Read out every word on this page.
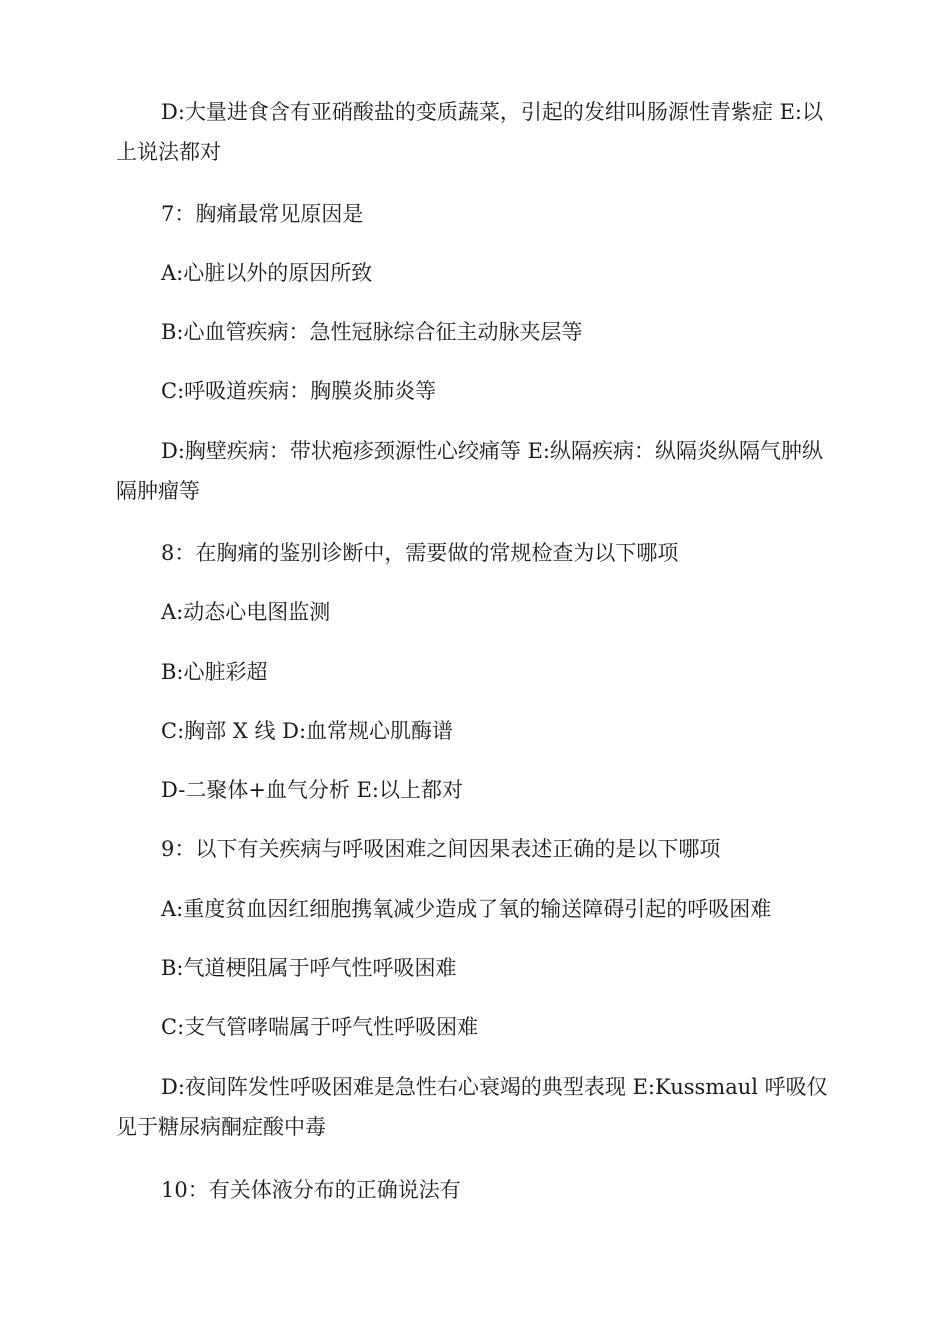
D:大量进食含有亚硝酸盐的变质蔬菜，引起的发绀叫肠源性青紫症 E:以上说法都对

7：胸痛最常见原因是

A:心脏以外的原因所致

B:心血管疾病：急性冠脉综合征主动脉夹层等

C:呼吸道疾病：胸膜炎肺炎等

D:胸壁疾病：带状疱疹颈源性心绞痛等 E:纵隔疾病：纵隔炎纵隔气肿纵隔肿瘤等

8：在胸痛的鉴别诊断中，需要做的常规检查为以下哪项

A:动态心电图监测

B:心脏彩超

C:胸部 X 线 D:血常规心肌酶谱

D-二聚体+血气分析 E:以上都对

9：以下有关疾病与呼吸困难之间因果表述正确的是以下哪项

A:重度贫血因红细胞携氧减少造成了氧的输送障碍引起的呼吸困难

B:气道梗阻属于呼气性呼吸困难

C:支气管哮喘属于呼气性呼吸困难

D:夜间阵发性呼吸困难是急性右心衰竭的典型表现 E:Kussmaul 呼吸仅见于糖尿病酮症酸中毒

10：有关体液分布的正确说法有
